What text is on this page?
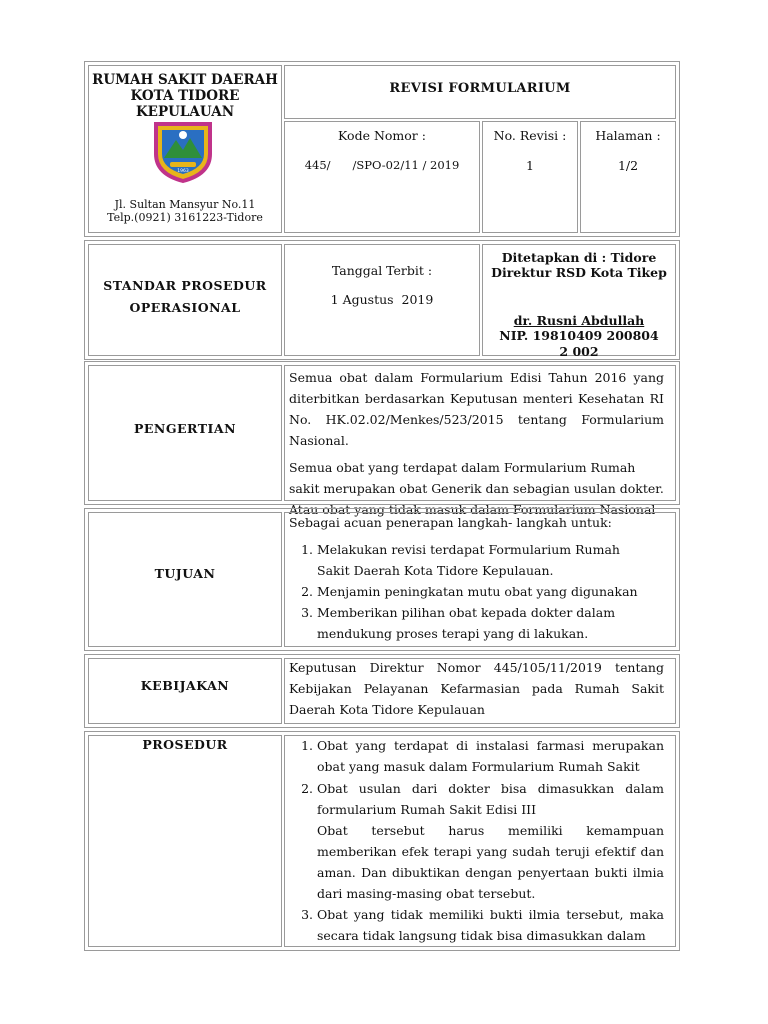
RUMAH SAKIT DAERAH
KOTA TIDORE
KEPULAUAN
1963
Jl. Sultan Mansyur No.11
Telp.(0921) 3161223-Tidore
REVISI FORMULARIUM
Kode Nomor :
445/      /SPO-02/11 / 2019
No. Revisi :
1
Halaman :
1/2
STANDAR PROSEDUR
OPERASIONAL
Tanggal Terbit :
1 Agustus  2019
Ditetapkan di : Tidore
Direktur RSD Kota Tikep
dr. Rusni Abdullah
NIP. 19810409 200804 2 002
PENGERTIAN

Semua obat dalam Formularium Edisi Tahun 2016 yang diterbitkan berdasarkan Keputusan menteri Kesehatan RI No. HK.02.02/Menkes/523/2015 tentang Formularium Nasional.

Semua obat yang terdapat dalam Formularium Rumah sakit merupakan obat Generik dan sebagian usulan dokter. Atau obat yang tidak masuk dalam Formularium Nasional

TUJUAN

Sebagai acuan penerapan langkah- langkah untuk:

1. Melakukan revisi terdapat Formularium Rumah Sakit Daerah Kota Tidore Kepulauan.
2. Menjamin peningkatan mutu obat yang digunakan
3. Memberikan pilihan obat kepada dokter dalam mendukung proses terapi yang di lakukan.
KEBIJAKAN
Keputusan Direktur Nomor 445/105/11/2019 tentang Kebijakan Pelayanan Kefarmasian pada Rumah Sakit Daerah Kota Tidore Kepulauan
PROSEDUR
1.	Obat yang terdapat di instalasi farmasi merupakan obat yang masuk dalam Formularium Rumah Sakit
2. Obat usulan dari dokter bisa dimasukkan dalam formularium Rumah Sakit Edisi III

Obat tersebut harus memiliki kemampuan memberikan efek terapi yang sudah teruji efektif dan aman. Dan dibuktikan dengan penyertaan bukti ilmia dari masing-masing obat tersebut.

3. Obat yang tidak memiliki bukti ilmia tersebut, maka secara tidak langsung tidak bisa dimasukkan dalam
